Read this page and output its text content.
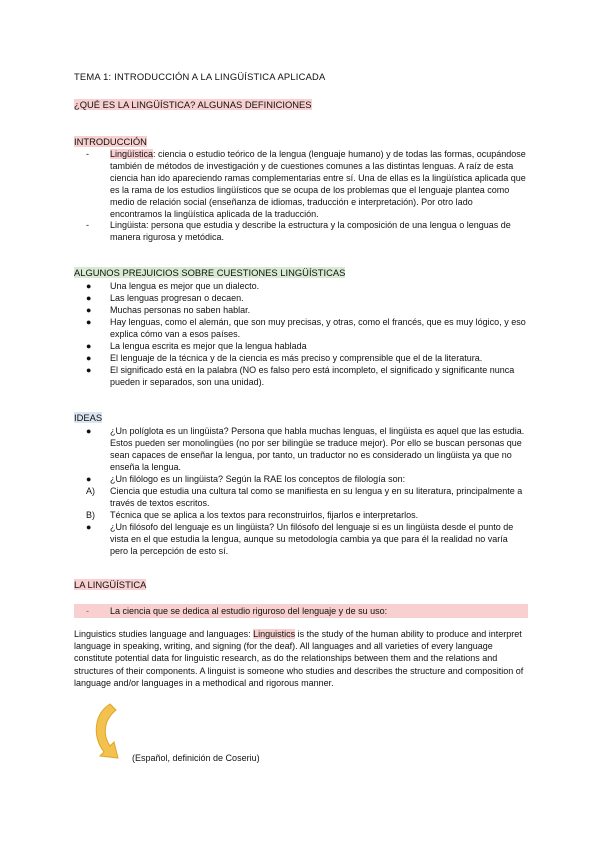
TEMA 1: INTRODUCCIÓN A LA LINGÜÍSTICA APLICADA
¿QUÉ ES LA LINGÜÍSTICA? ALGUNAS DEFINICIONES
INTRODUCCIÓN
-	Lingüística: ciencia o estudio teórico de la lengua (lenguaje humano) y de todas las formas, ocupándose también de métodos de investigación y de cuestiones comunes a las distintas lenguas. A raíz de esta ciencia han ido apareciendo ramas complementarias entre sí. Una de ellas es la lingüística aplicada que es la rama de los estudios lingüísticos que se ocupa de los problemas que el lenguaje plantea como medio de relación social (enseñanza de idiomas, traducción e interpretación). Por otro lado encontramos la lingüística aplicada de la traducción.
-	Lingüista: persona que estudia y describe la estructura y la composición de una lengua o lenguas de manera rigurosa y metódica.
ALGUNOS PREJUICIOS SOBRE CUESTIONES LINGÜÍSTICAS
●	Una lengua es mejor que un dialecto.
●	Las lenguas progresan o decaen.
●	Muchas personas no saben hablar.
●	Hay lenguas, como el alemán, que son muy precisas, y otras, como el francés, que es muy lógico, y eso explica cómo van a esos países.
●	La lengua escrita es mejor que la lengua hablada
●	El lenguaje de la técnica y de la ciencia es más preciso y comprensible que el de la literatura.
●	El significado está en la palabra (NO es falso pero está incompleto, el significado y significante nunca pueden ir separados, son una unidad).
IDEAS
●	¿Un políglota es un lingüista? Persona que habla muchas lenguas, el lingüista es aquel que las estudia. Estos pueden ser monolingües (no por ser bilingüe se traduce mejor). Por ello se buscan personas que sean capaces de enseñar la lengua, por tanto, un traductor no es considerado un lingüista ya que no enseña la lengua.
●	¿Un filólogo es un lingüista? Según la RAE los conceptos de filología son:
A)	Ciencia que estudia una cultura tal como se manifiesta en su lengua y en su literatura, principalmente a través de textos escritos.
B)	Técnica que se aplica a los textos para reconstruirlos, fijarlos e interpretarlos.
●	¿Un filósofo del lenguaje es un lingüista? Un filósofo del lenguaje si es un lingüista desde el punto de vista en el que estudia la lengua, aunque su metodología cambia ya que para él la realidad no varía pero la percepción de esto sí.
LA LINGÜÍSTICA
-	La ciencia que se dedica al estudio riguroso del lenguaje y de su uso:
Linguistics studies language and languages: Linguistics is the study of the human ability to produce and interpret language in speaking, writing, and signing (for the deaf). All languages and all varieties of every language constitute potential data for linguistic research, as do the relationships between them and the relations and structures of their components. A linguist is someone who studies and describes the structure and composition of language and/or languages in a methodical and rigorous manner.
(Español, definición de Coseriu)
